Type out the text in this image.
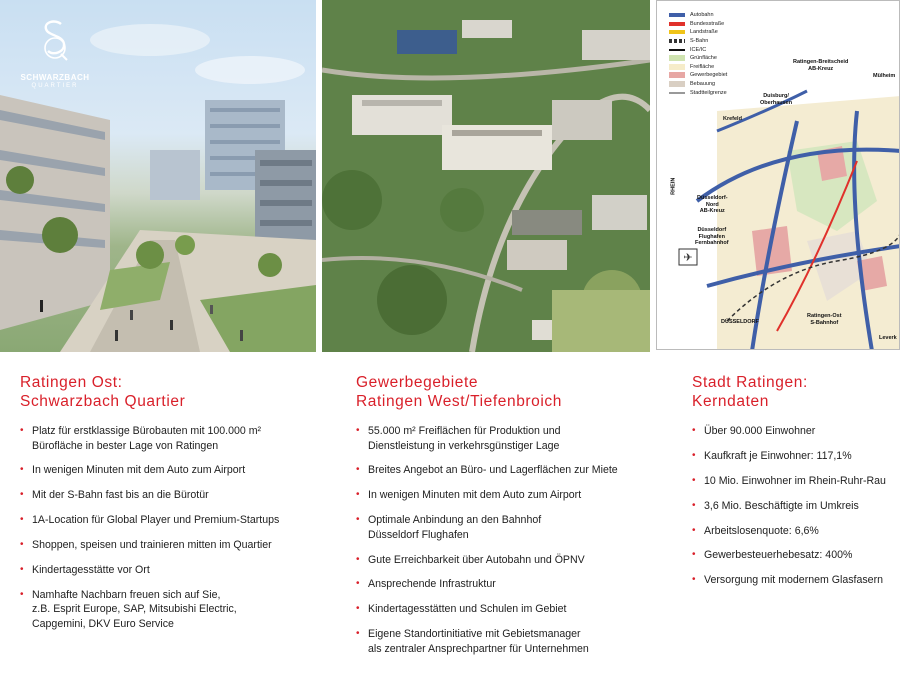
SCHWARZBACH
QUARTIER
✈
Autobahn
Bundesstraße
Landstraße
S-Bahn
ICE/IC
Grünfläche
Freifläche
Gewerbegebiet
Bebauung
Stadtteilgrenze
RHEIN
Ratingen-Breitscheid
AB-Kreuz
Mülheim
Duisburg/
Oberhausen
Krefeld
Düsseldorf-
Nord
AB-Kreuz
Düsseldorf
Flughafen
Fernbahnhof
DÜSSELDORF
Ratingen-Ost
S-Bahnhof
Leverk
Ratingen Ost:
Schwarzbach Quartier
• Platz für erstklassige Bürobauten mit 100.000 m²
Bürofläche in bester Lage von Ratingen
• In wenigen Minuten mit dem Auto zum Airport
• Mit der S-Bahn fast bis an die Bürotür
• 1A-Location für Global Player und Premium-Startups
• Shoppen, speisen und trainieren mitten im Quartier
• Kindertagesstätte vor Ort
• Namhafte Nachbarn freuen sich auf Sie,
z.B. Esprit Europe, SAP, Mitsubishi Electric,
Capgemini, DKV Euro Service
Gewerbegebiete
Ratingen West/Tiefenbroich
• 55.000 m² Freiflächen für Produktion und
Dienstleistung in verkehrsgünstiger Lage
• Breites Angebot an Büro- und Lagerflächen zur Miete
• In wenigen Minuten mit dem Auto zum Airport
• Optimale Anbindung an den Bahnhof
Düsseldorf Flughafen
• Gute Erreichbarkeit über Autobahn und ÖPNV
• Ansprechende Infrastruktur
• Kindertagesstätten und Schulen im Gebiet
• Eigene Standortinitiative mit Gebietsmanager
als zentraler Ansprechpartner für Unternehmen
Stadt Ratingen:
Kerndaten
• Über 90.000 Einwohner
• Kaufkraft je Einwohner: 117,1%
• 10 Mio. Einwohner im Rhein-Ruhr-Rau
• 3,6 Mio. Beschäftigte im Umkreis
• Arbeitslosenquote: 6,6%
• Gewerbesteuerhebesatz: 400%
• Versorgung mit modernem Glasfasern
